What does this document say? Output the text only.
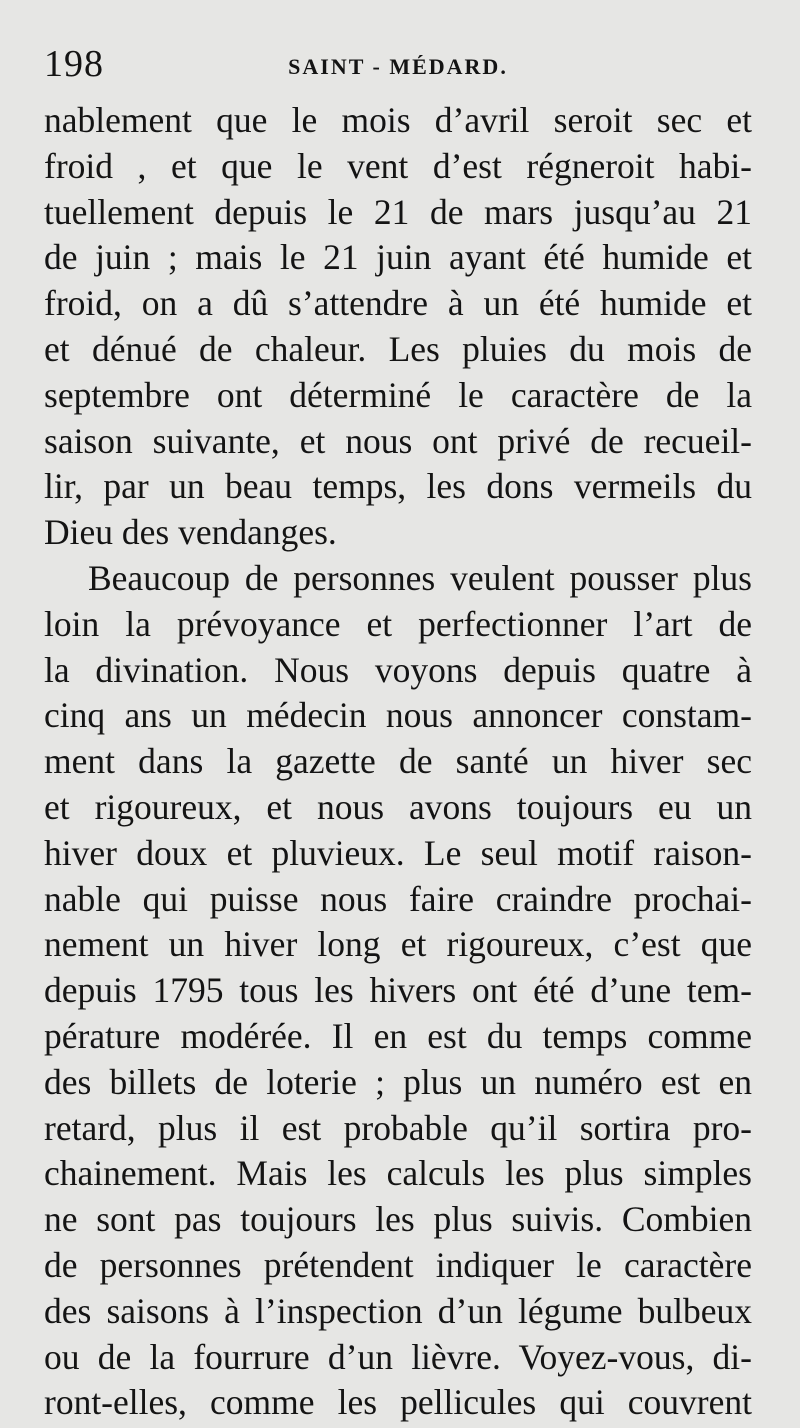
198	SAINT - MÉDARD.
nablement que le mois d’avril seroit sec et
froid , et que le vent d’est régneroit habi-
tuellement depuis le 21 de mars jusqu’au 21
de juin ; mais le 21 juin ayant été humide et
froid, on a dû s’attendre à un été humide et
et dénué de chaleur. Les pluies du mois de
septembre ont déterminé le caractère de la
saison suivante, et nous ont privé de recueil-
lir, par un beau temps, les dons vermeils du
Dieu des vendanges.
Beaucoup de personnes veulent pousser plus
loin la prévoyance et perfectionner l’art de
la divination. Nous voyons depuis quatre à
cinq ans un médecin nous annoncer constam-
ment dans la gazette de santé un hiver sec
et rigoureux, et nous avons toujours eu un
hiver doux et pluvieux. Le seul motif raison-
nable qui puisse nous faire craindre prochai-
nement un hiver long et rigoureux, c’est que
depuis 1795 tous les hivers ont été d’une tem-
pérature modérée. Il en est du temps comme
des billets de loterie ; plus un numéro est en
retard, plus il est probable qu’il sortira pro-
chainement. Mais les calculs les plus simples
ne sont pas toujours les plus suivis. Combien
de personnes prétendent indiquer le caractère
des saisons à l’inspection d’un légume bulbeux
ou de la fourrure d’un lièvre. Voyez-vous, di-
ront-elles, comme les pellicules qui couvrent
